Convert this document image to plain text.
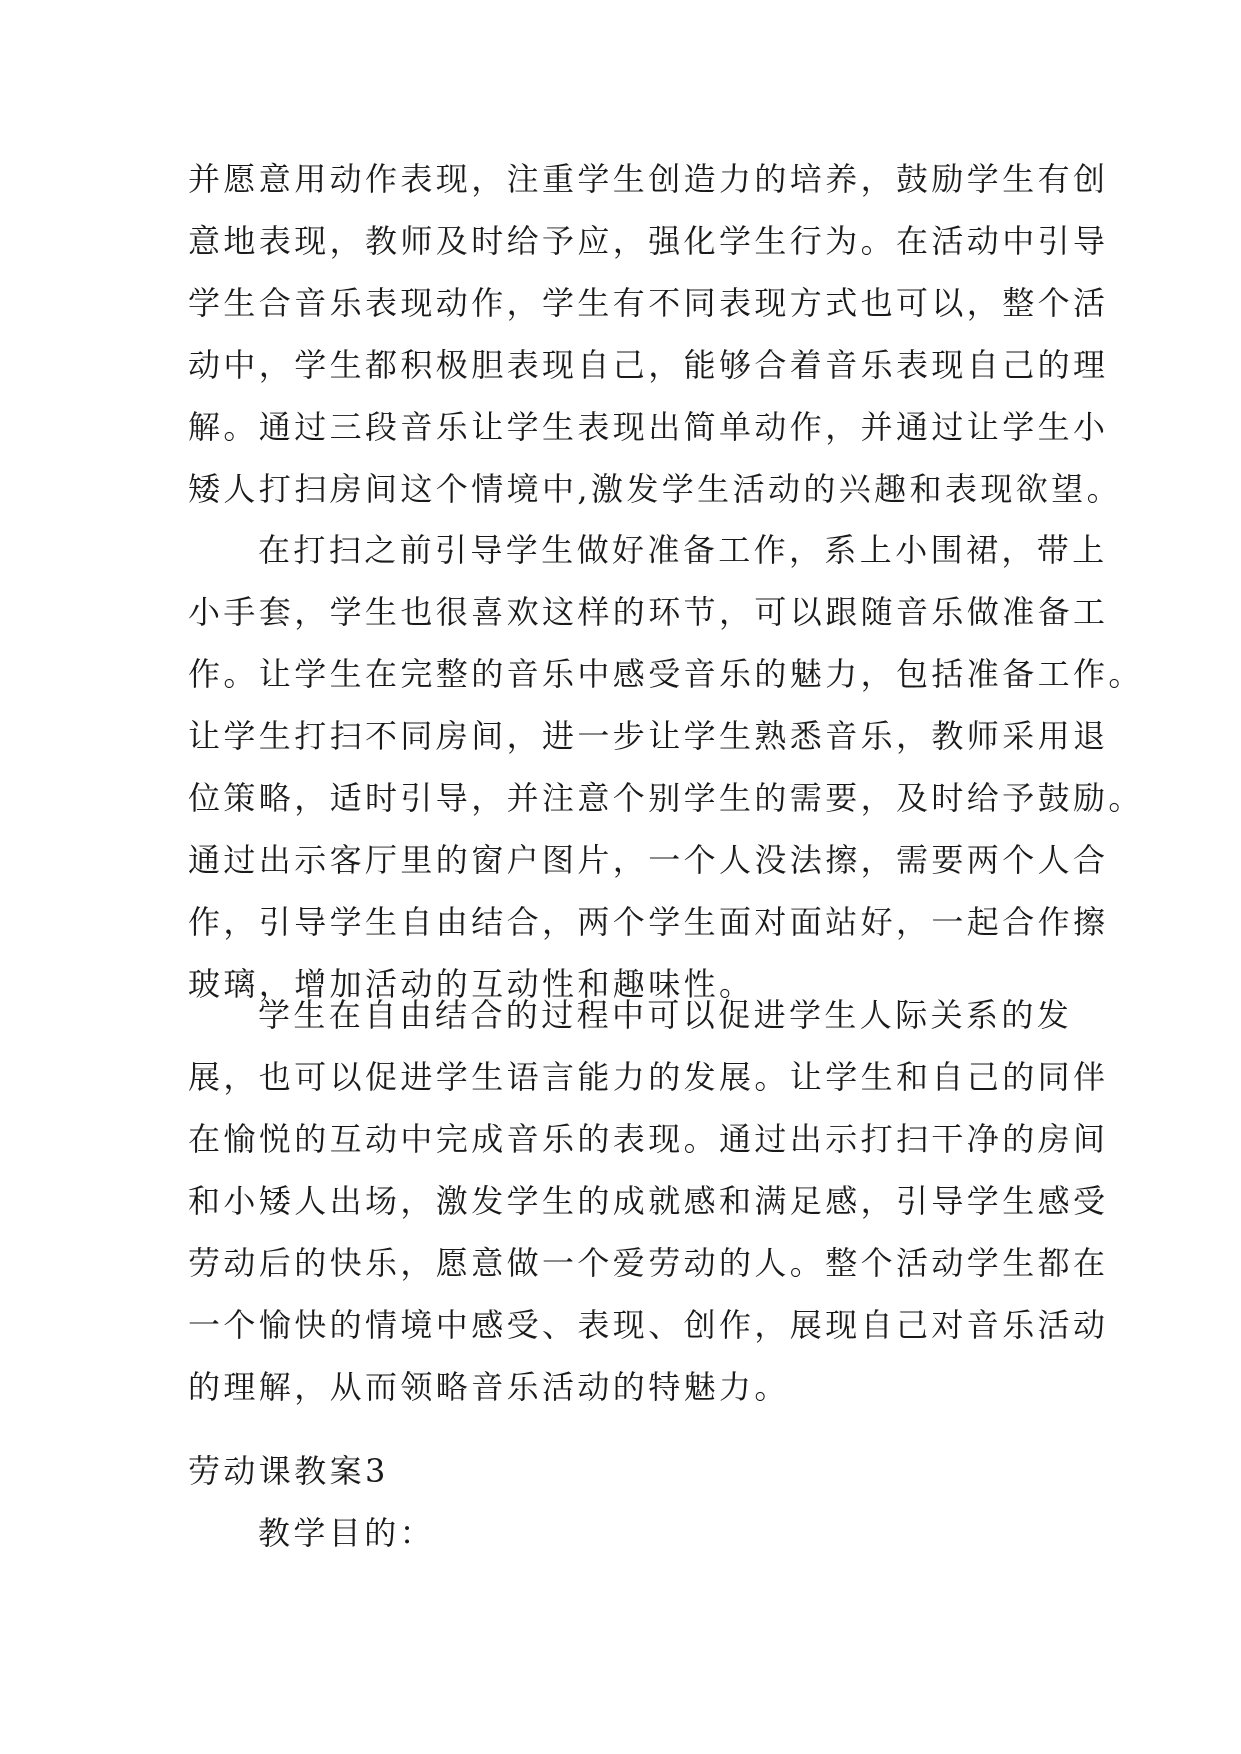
并愿意用动作表现，注重学生创造力的培养，鼓励学生有创
意地表现，教师及时给予应，强化学生行为。在活动中引导
学生合音乐表现动作，学生有不同表现方式也可以，整个活
动中，学生都积极胆表现自己，能够合着音乐表现自己的理
解。通过三段音乐让学生表现出简单动作，并通过让学生小
矮人打扫房间这个情境中,激发学生活动的兴趣和表现欲望。
在打扫之前引导学生做好准备工作，系上小围裙，带上
小手套，学生也很喜欢这样的环节，可以跟随音乐做准备工
作。让学生在完整的音乐中感受音乐的魅力，包括准备工作。
让学生打扫不同房间，进一步让学生熟悉音乐，教师采用退
位策略，适时引导，并注意个别学生的需要，及时给予鼓励。
通过出示客厅里的窗户图片，一个人没法擦，需要两个人合
作，引导学生自由结合，两个学生面对面站好，一起合作擦
玻璃，增加活动的互动性和趣味性。
学生在自由结合的过程中可以促进学生人际关系的发
展，也可以促进学生语言能力的发展。让学生和自己的同伴
在愉悦的互动中完成音乐的表现。通过出示打扫干净的房间
和小矮人出场，激发学生的成就感和满足感，引导学生感受
劳动后的快乐，愿意做一个爱劳动的人。整个活动学生都在
一个愉快的情境中感受、表现、创作，展现自己对音乐活动
的理解，从而领略音乐活动的特魅力。
劳动课教案3
教学目的：
